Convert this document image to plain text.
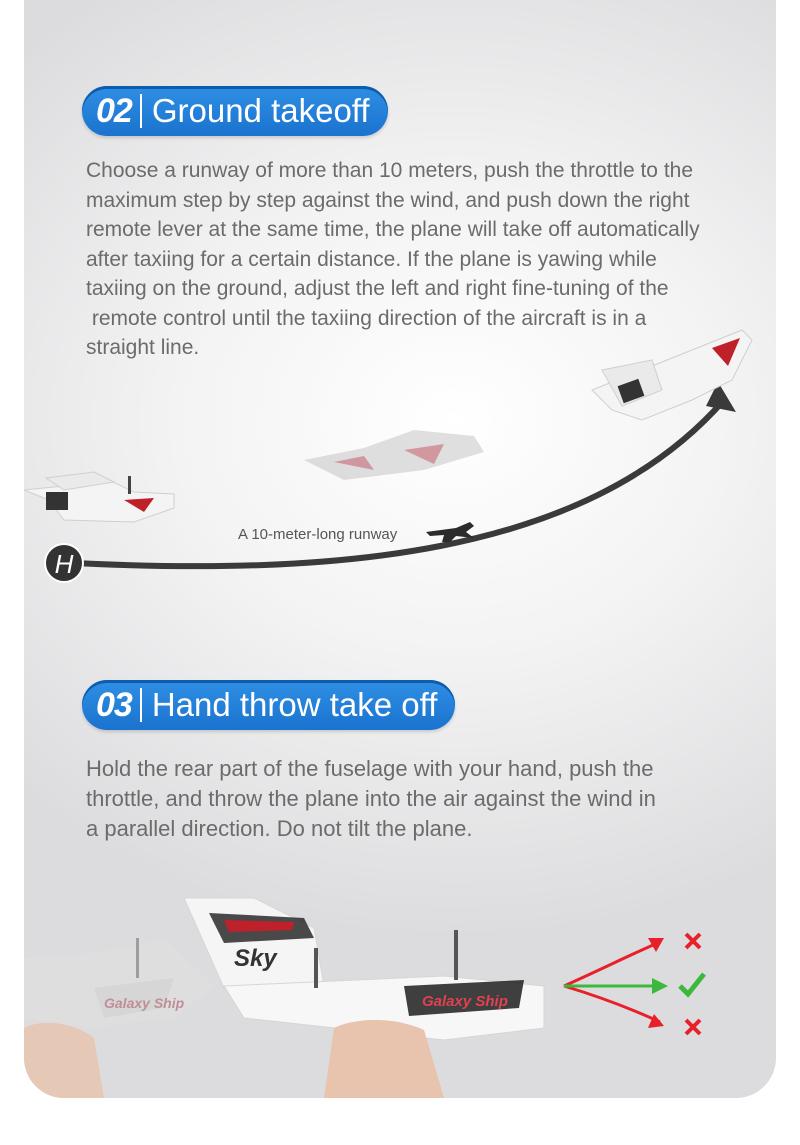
02 Ground takeoff
Choose a runway of more than 10 meters, push the throttle to the
maximum step by step against the wind, and push down the right
remote lever at the same time, the plane will take off automatically
after taxiing for a certain distance. If the plane is yawing while
taxiing on the ground, adjust the left and right fine-tuning of the
remote control until the taxiing direction of the aircraft is in a
straight line.
H
A 10-meter-long runway
03 Hand throw take off
Hold the rear part of the fuselage with your hand, push the
throttle, and throw the plane into the air against the wind in
a parallel direction. Do not tilt the plane.
Galaxy Ship
Sky
Galaxy Ship
